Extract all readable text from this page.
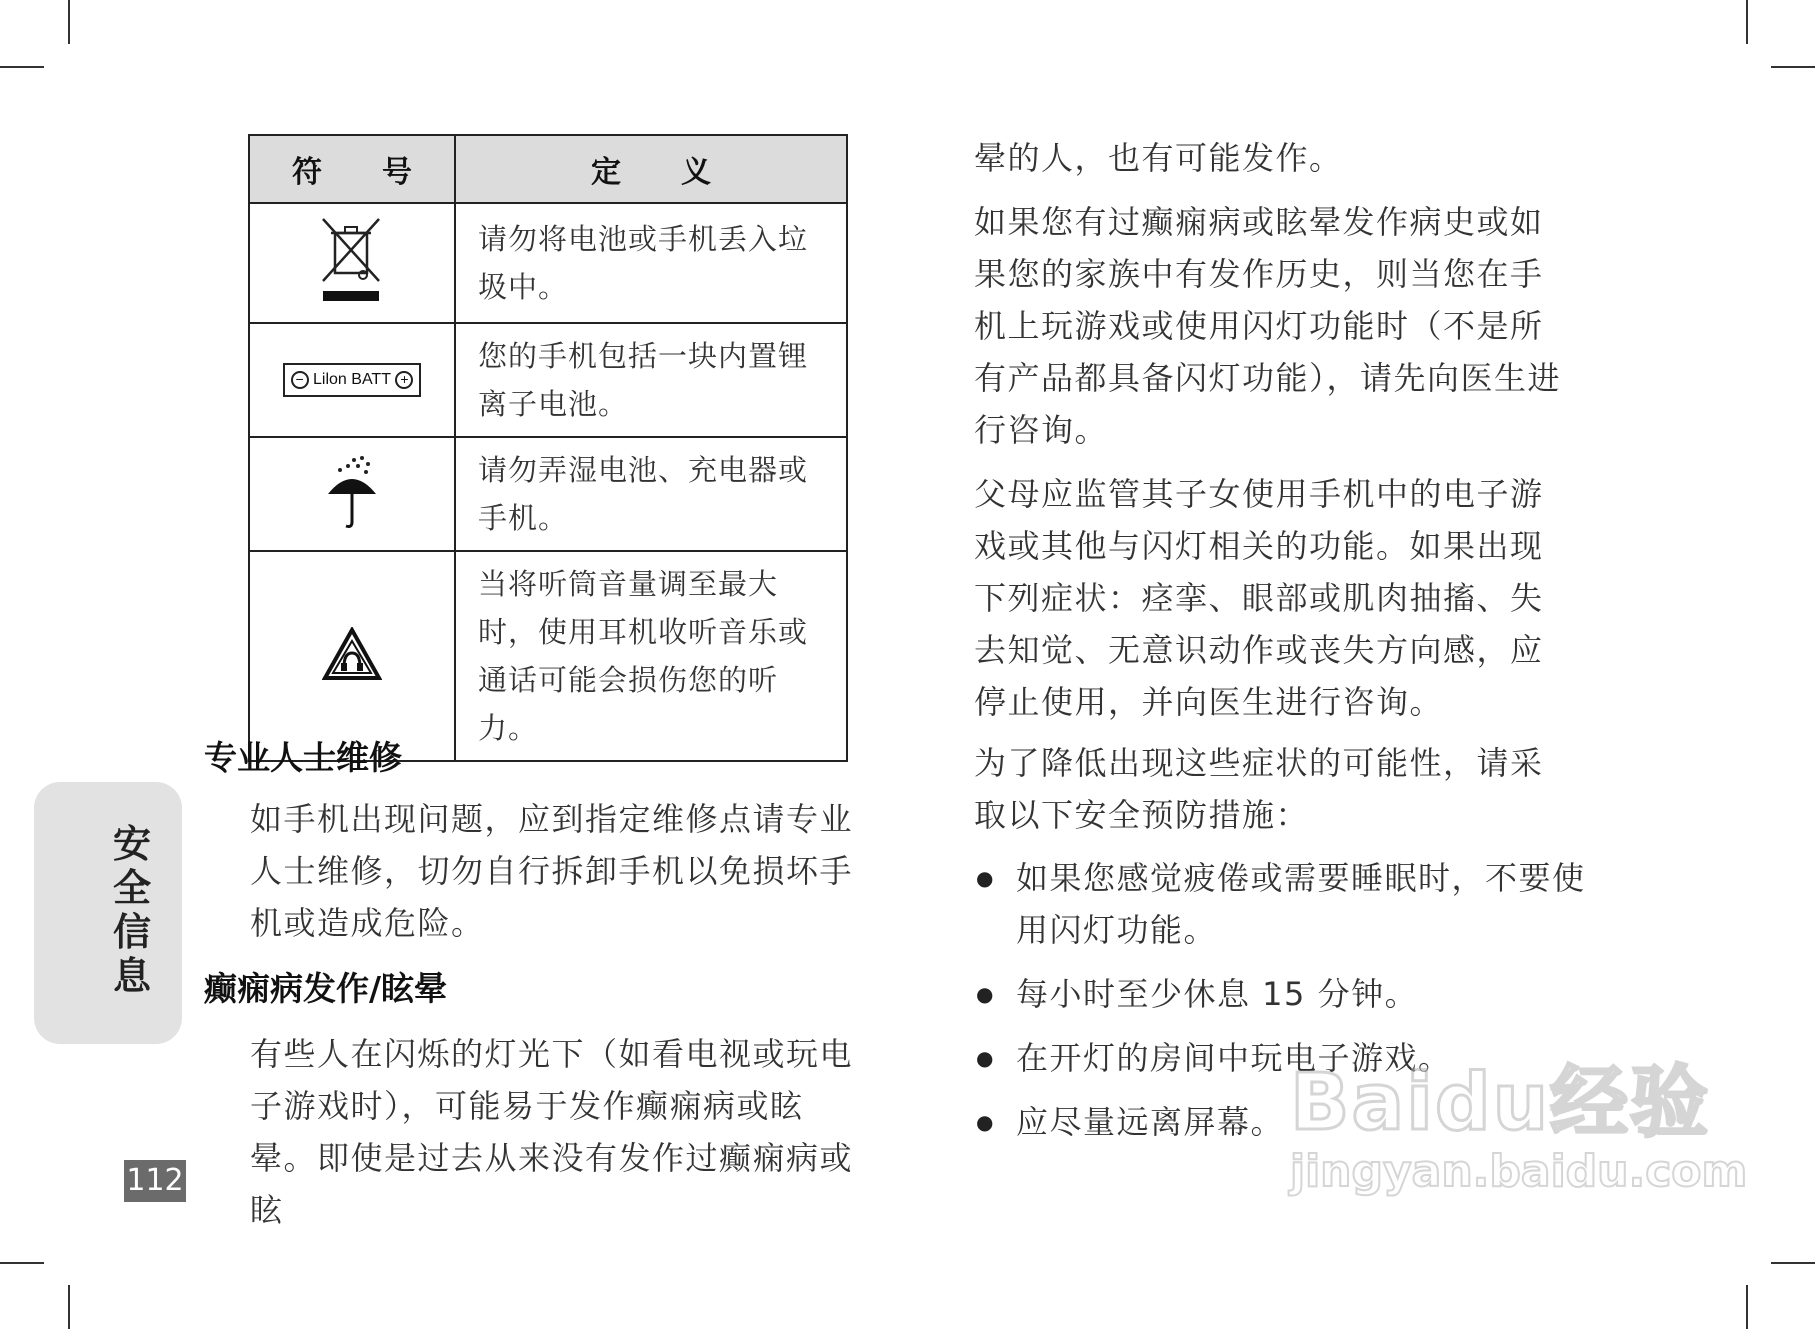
符　　号	定　　义
	请勿将电池或手机丢入垃圾中。
− Lilon BATT +	您的手机包括一块内置锂离子电池。
	请勿弄湿电池、充电器或手机。
	当将听筒音量调至最大时，使用耳机收听音乐或通话可能会损伤您的听力。
专业人士维修
如手机出现问题，应到指定维修点请专业人士维修，切勿自行拆卸手机以免损坏手机或造成危险。
癫痫病发作/眩晕
有些人在闪烁的灯光下（如看电视或玩电子游戏时），可能易于发作癫痫病或眩晕。即使是过去从来没有发作过癫痫病或眩
晕的人，也有可能发作。
如果您有过癫痫病或眩晕发作病史或如果您的家族中有发作历史，则当您在手机上玩游戏或使用闪灯功能时（不是所有产品都具备闪灯功能），请先向医生进行咨询。
父母应监管其子女使用手机中的电子游戏或其他与闪灯相关的功能。如果出现下列症状：痉挛、眼部或肌肉抽搐、失去知觉、无意识动作或丧失方向感，应停止使用，并向医生进行咨询。
为了降低出现这些症状的可能性，请采取以下安全预防措施：
● 如果您感觉疲倦或需要睡眠时，不要使用闪灯功能。
● 每小时至少休息 15 分钟。
● 在开灯的房间中玩电子游戏。
● 应尽量远离屏幕。
安全信息
112
Baidu经验
jingyan.baidu.com
